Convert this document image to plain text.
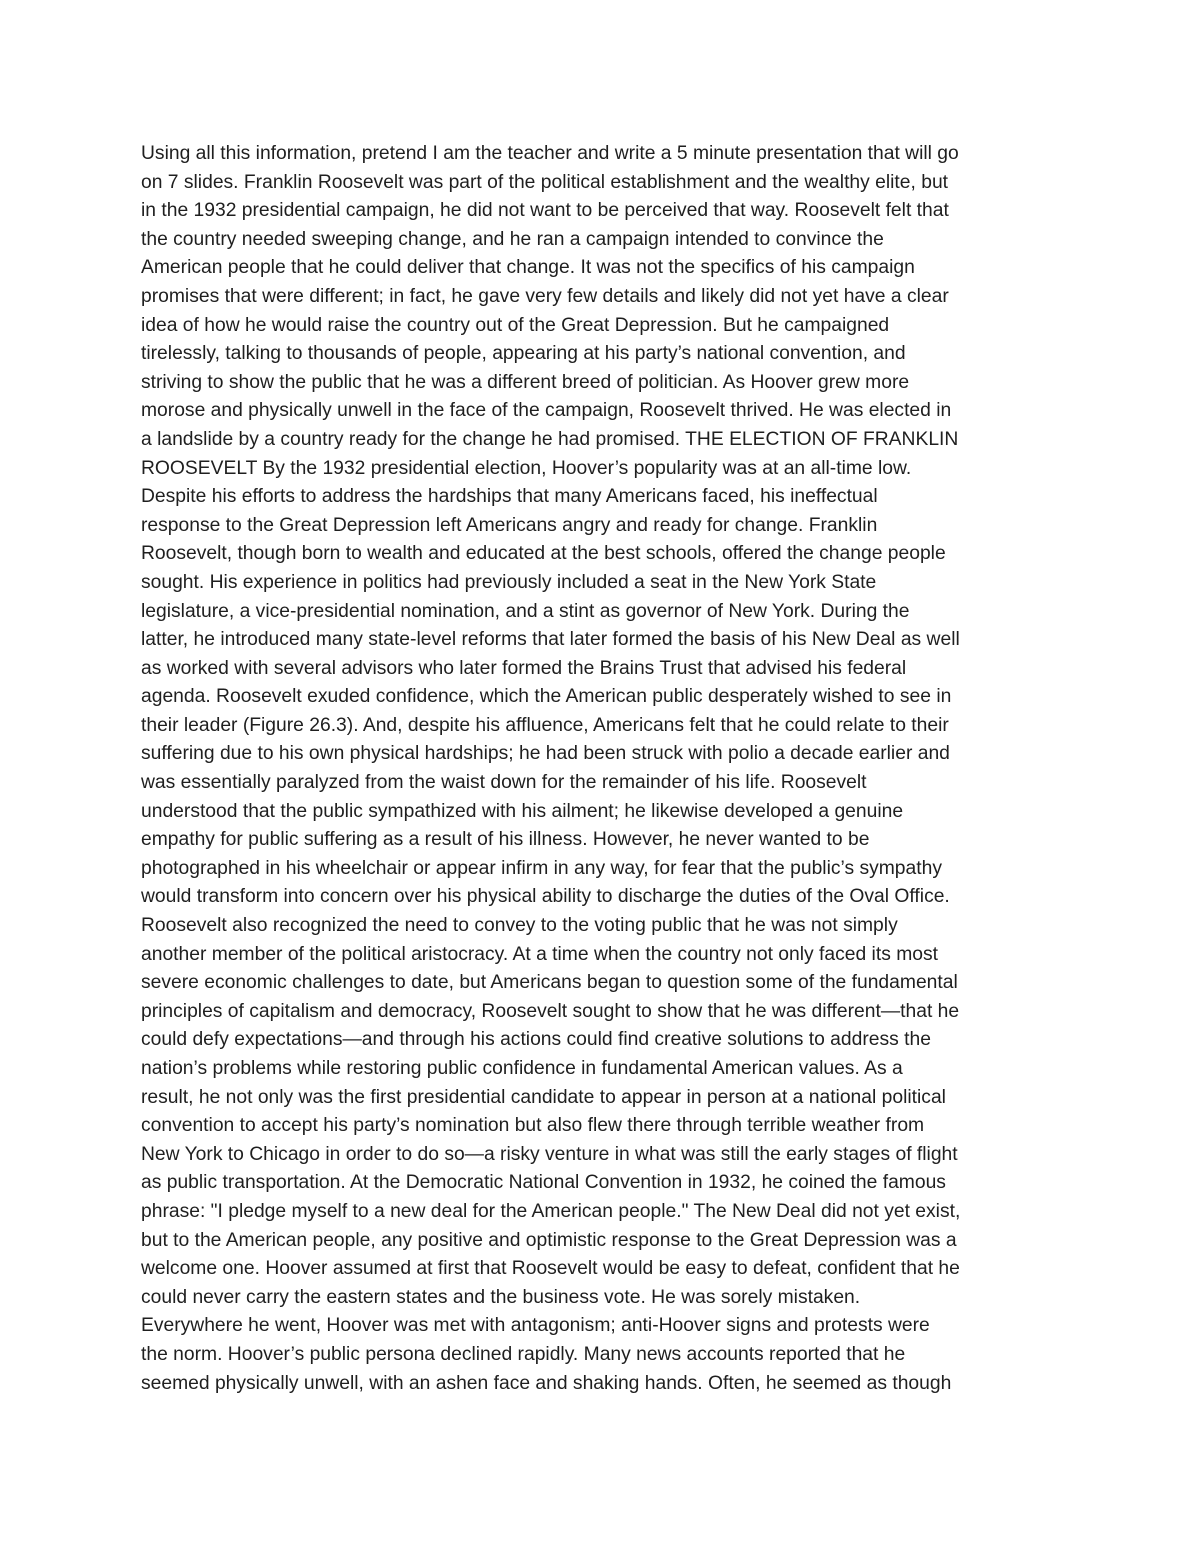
Using all this information, pretend I am the teacher and write a 5 minute presentation that will go
on 7 slides. Franklin Roosevelt was part of the political establishment and the wealthy elite, but
in the 1932 presidential campaign, he did not want to be perceived that way. Roosevelt felt that
the country needed sweeping change, and he ran a campaign intended to convince the
American people that he could deliver that change. It was not the specifics of his campaign
promises that were different; in fact, he gave very few details and likely did not yet have a clear
idea of how he would raise the country out of the Great Depression. But he campaigned
tirelessly, talking to thousands of people, appearing at his party’s national convention, and
striving to show the public that he was a different breed of politician. As Hoover grew more
morose and physically unwell in the face of the campaign, Roosevelt thrived. He was elected in
a landslide by a country ready for the change he had promised. THE ELECTION OF FRANKLIN
ROOSEVELT By the 1932 presidential election, Hoover’s popularity was at an all-time low.
Despite his efforts to address the hardships that many Americans faced, his ineffectual
response to the Great Depression left Americans angry and ready for change. Franklin
Roosevelt, though born to wealth and educated at the best schools, offered the change people
sought. His experience in politics had previously included a seat in the New York State
legislature, a vice-presidential nomination, and a stint as governor of New York. During the
latter, he introduced many state-level reforms that later formed the basis of his New Deal as well
as worked with several advisors who later formed the Brains Trust that advised his federal
agenda. Roosevelt exuded confidence, which the American public desperately wished to see in
their leader (Figure 26.3). And, despite his affluence, Americans felt that he could relate to their
suffering due to his own physical hardships; he had been struck with polio a decade earlier and
was essentially paralyzed from the waist down for the remainder of his life. Roosevelt
understood that the public sympathized with his ailment; he likewise developed a genuine
empathy for public suffering as a result of his illness. However, he never wanted to be
photographed in his wheelchair or appear infirm in any way, for fear that the public’s sympathy
would transform into concern over his physical ability to discharge the duties of the Oval Office.
Roosevelt also recognized the need to convey to the voting public that he was not simply
another member of the political aristocracy. At a time when the country not only faced its most
severe economic challenges to date, but Americans began to question some of the fundamental
principles of capitalism and democracy, Roosevelt sought to show that he was different—that he
could defy expectations—and through his actions could find creative solutions to address the
nation’s problems while restoring public confidence in fundamental American values. As a
result, he not only was the first presidential candidate to appear in person at a national political
convention to accept his party’s nomination but also flew there through terrible weather from
New York to Chicago in order to do so—a risky venture in what was still the early stages of flight
as public transportation. At the Democratic National Convention in 1932, he coined the famous
phrase: "I pledge myself to a new deal for the American people." The New Deal did not yet exist,
but to the American people, any positive and optimistic response to the Great Depression was a
welcome one. Hoover assumed at first that Roosevelt would be easy to defeat, confident that he
could never carry the eastern states and the business vote. He was sorely mistaken.
Everywhere he went, Hoover was met with antagonism; anti-Hoover signs and protests were
the norm. Hoover’s public persona declined rapidly. Many news accounts reported that he
seemed physically unwell, with an ashen face and shaking hands. Often, he seemed as though
